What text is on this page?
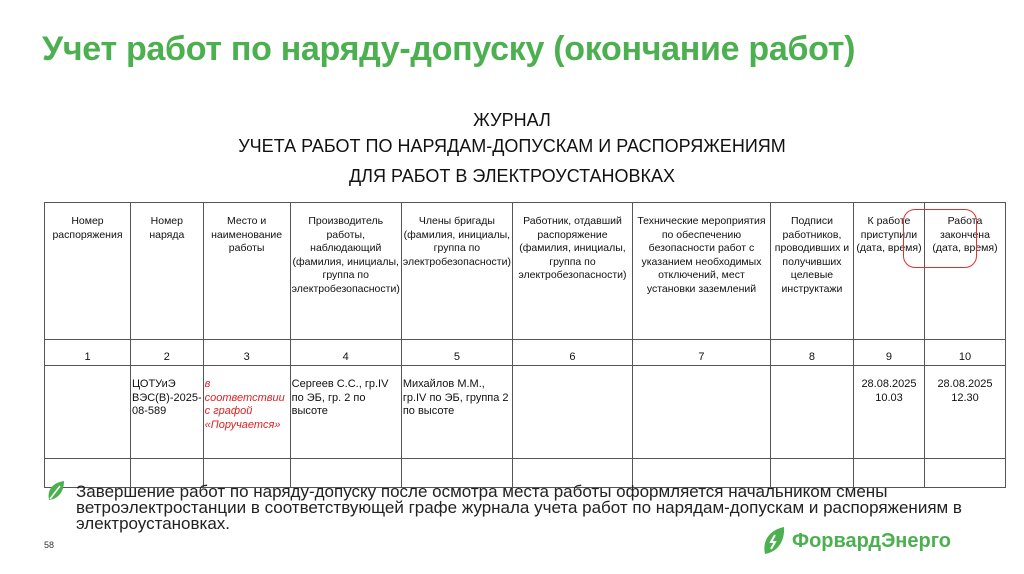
Учет работ по наряду-допуску (окончание работ)
ЖУРНАЛ
УЧЕТА РАБОТ ПО НАРЯДАМ-ДОПУСКАМ И РАСПОРЯЖЕНИЯМ
ДЛЯ РАБОТ В ЭЛЕКТРОУСТАНОВКАХ
Номер распоряжения	Номер наряда	Место и наименование работы	Производитель работы, наблюдающий (фамилия, инициалы, группа по электробезопасности)	Члены бригады (фамилия, инициалы, группа по электробезопасности)	Работник, отдавший распоряжение (фамилия, инициалы, группа по электробезопасности)	Технические мероприятия по обеспечению безопасности работ с указанием необходимых отключений, мест установки заземлений	Подписи работников, проводивших и получивших целевые инструктажи	К работе приступили (дата, время)	Работа закончена (дата, время)
1	2	3	4	5	6	7	8	9	10
	ЦОТУиЭ ВЭС(В)-2025-08-589	в соответствии с графой «Поручается»	Сергеев С.С., гр.IV по ЭБ, гр. 2 по высоте	Михайлов М.М., гр.IV по ЭБ, группа 2 по высоте				28.08.2025 10.03	28.08.2025 12.30

Завершение работ по наряду-допуску после осмотра места работы оформляется начальником смены ветроэлектростанции в соответствующей графе журнала учета работ по нарядам-допускам и распоряжениям в электроустановках.
58	ФорвардЭнерго
